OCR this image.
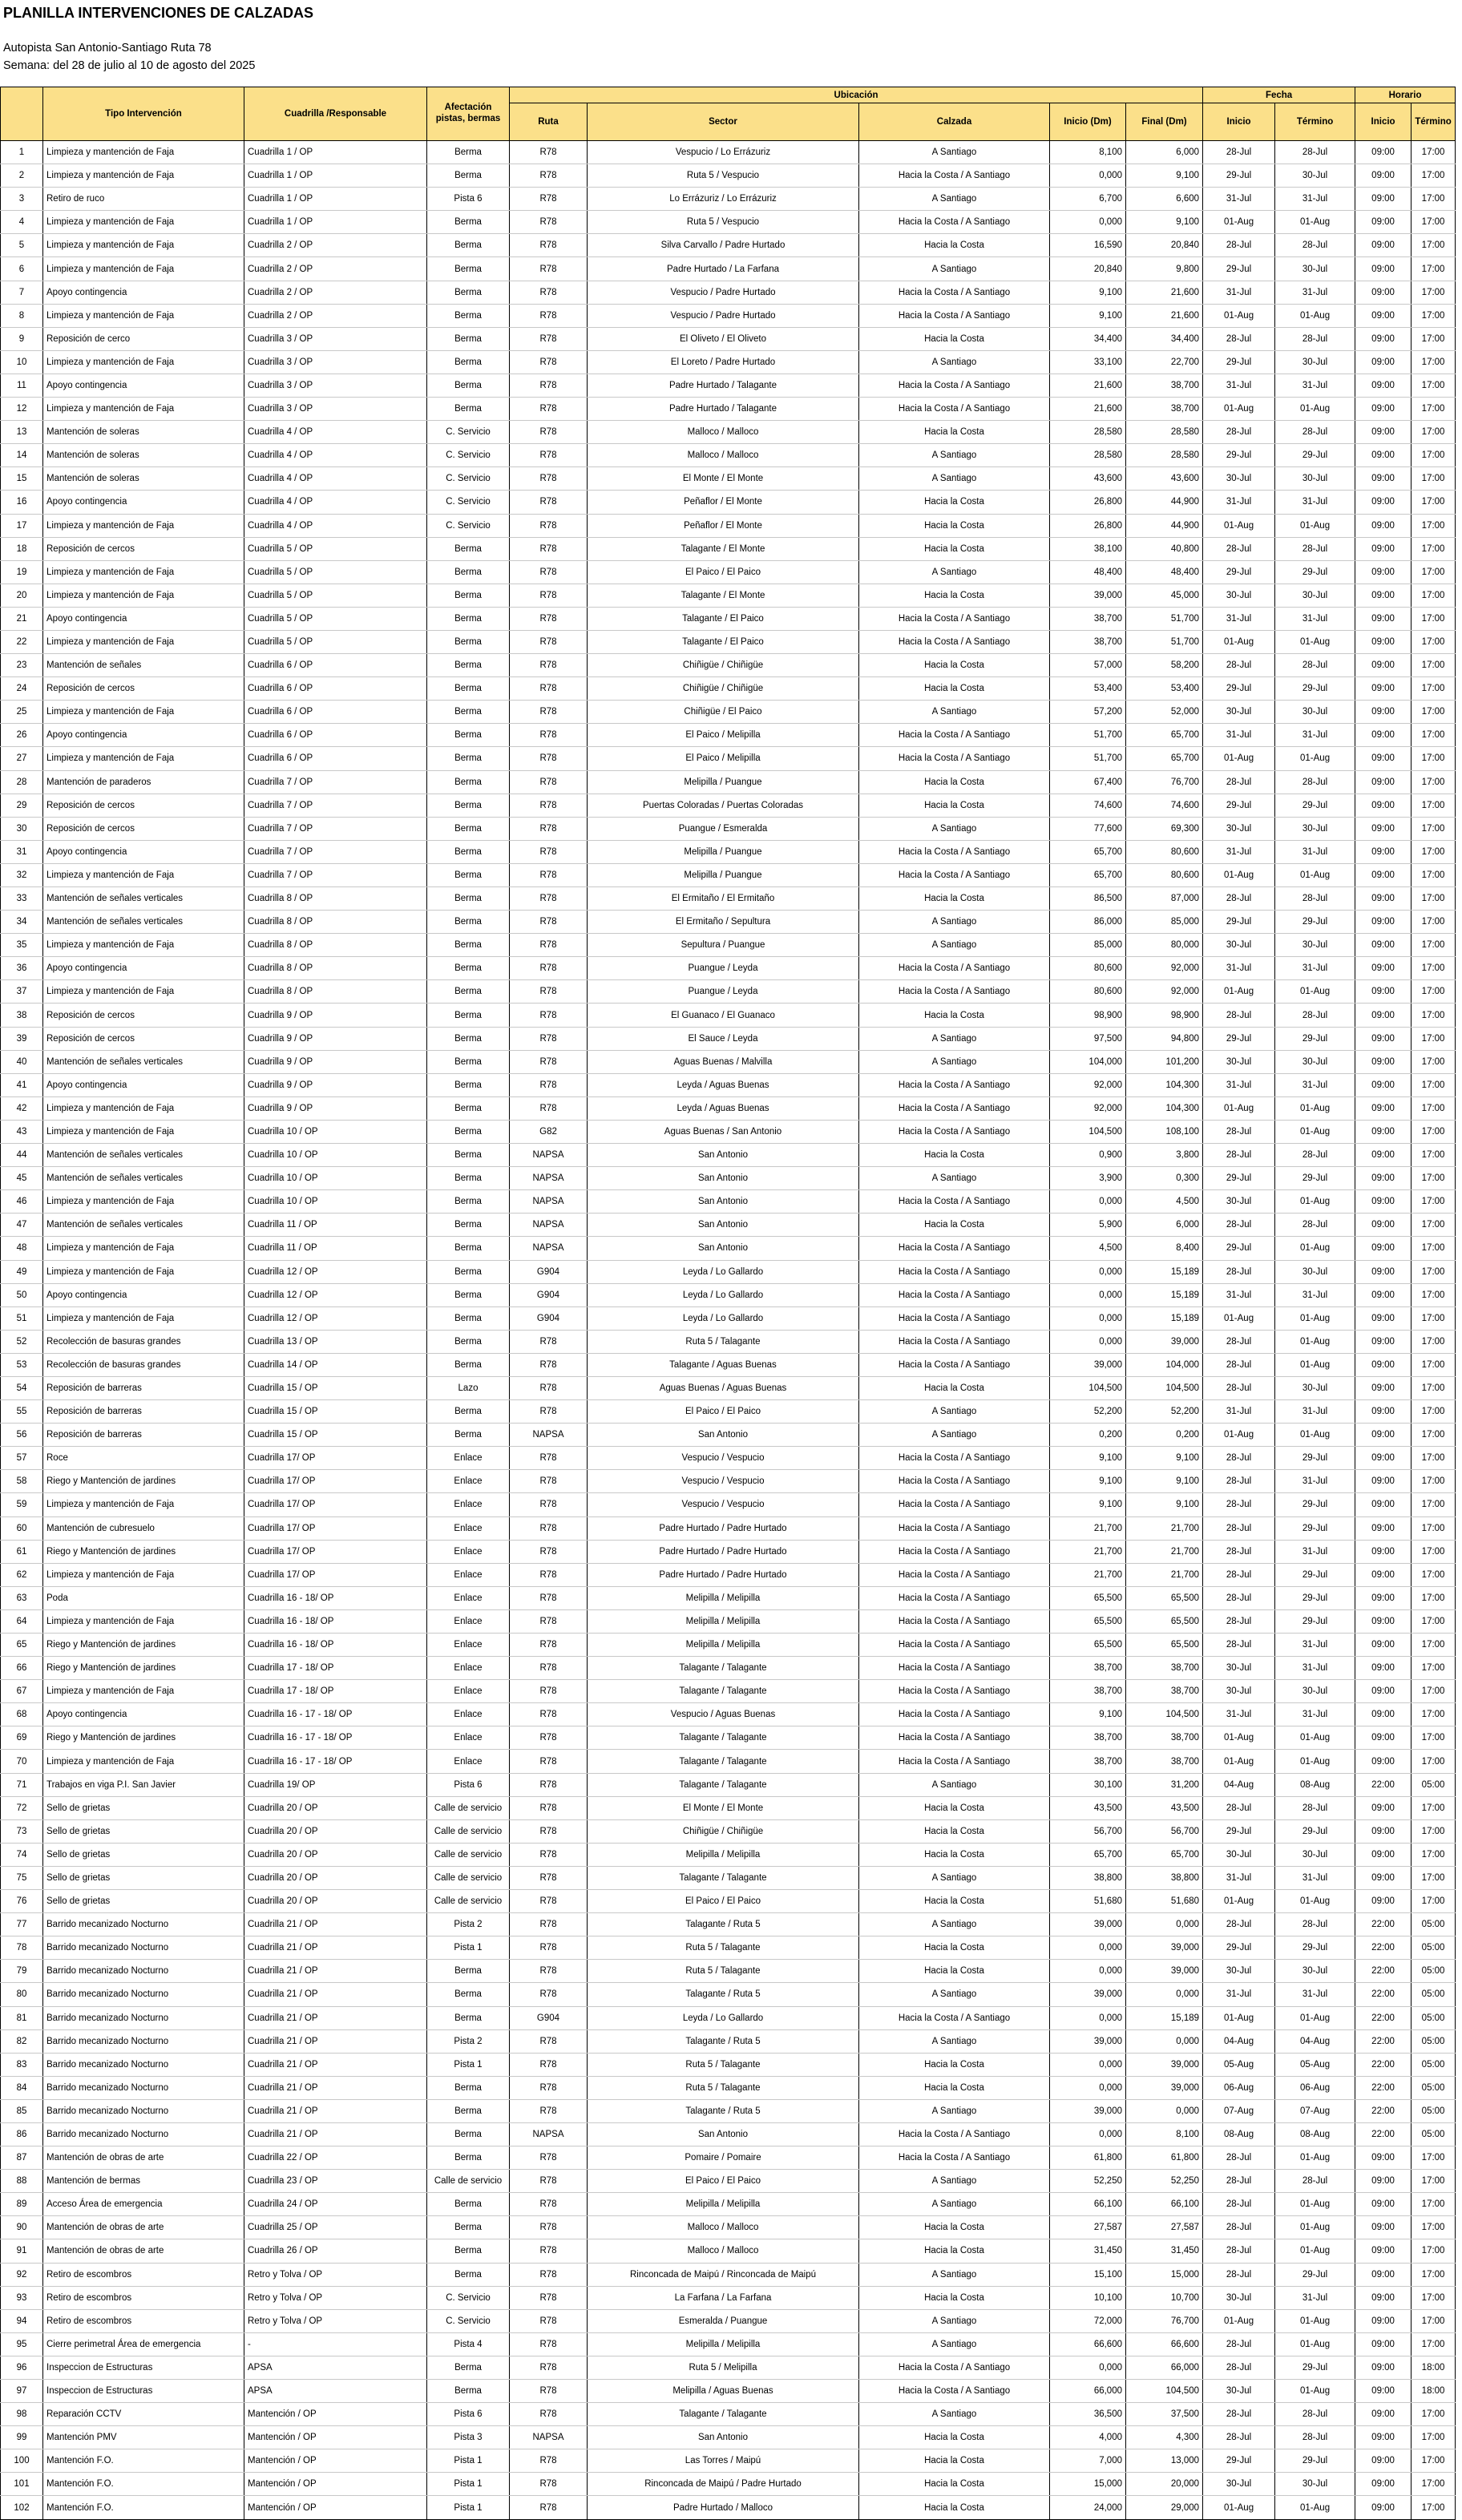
PLANILLA INTERVENCIONES DE CALZADAS
Autopista San Antonio-Santiago Ruta 78
Semana: del 28 de julio al 10 de agosto del 2025
	Tipo Intervención	Cuadrilla /Responsable	Afectación pistas, bermas	Ubicación					Fecha		Horario	
				Ruta	Sector	Calzada	Inicio (Dm)	Final (Dm)	Inicio	Término	Inicio	Término
1	Limpieza y mantención de Faja	Cuadrilla 1 / OP	Berma	R78	Vespucio / Lo Errázuriz	A Santiago	8,100	6,000	28-Jul	28-Jul	09:00	17:00
2	Limpieza y mantención de Faja	Cuadrilla 1 / OP	Berma	R78	Ruta 5 / Vespucio	Hacia la Costa / A Santiago	0,000	9,100	29-Jul	30-Jul	09:00	17:00
3	Retiro de ruco	Cuadrilla 1 / OP	Pista 6	R78	Lo Errázuriz / Lo Errázuriz	A Santiago	6,700	6,600	31-Jul	31-Jul	09:00	17:00
4	Limpieza y mantención de Faja	Cuadrilla 1 / OP	Berma	R78	Ruta 5 / Vespucio	Hacia la Costa / A Santiago	0,000	9,100	01-Aug	01-Aug	09:00	17:00
5	Limpieza y mantención de Faja	Cuadrilla 2 / OP	Berma	R78	Silva Carvallo / Padre Hurtado	Hacia la Costa	16,590	20,840	28-Jul	28-Jul	09:00	17:00
6	Limpieza y mantención de Faja	Cuadrilla 2 / OP	Berma	R78	Padre Hurtado / La Farfana	A Santiago	20,840	9,800	29-Jul	30-Jul	09:00	17:00
7	Apoyo contingencia	Cuadrilla 2 / OP	Berma	R78	Vespucio / Padre Hurtado	Hacia la Costa / A Santiago	9,100	21,600	31-Jul	31-Jul	09:00	17:00
8	Limpieza y mantención de Faja	Cuadrilla 2 / OP	Berma	R78	Vespucio / Padre Hurtado	Hacia la Costa / A Santiago	9,100	21,600	01-Aug	01-Aug	09:00	17:00
9	Reposición de cerco	Cuadrilla 3 / OP	Berma	R78	El Oliveto / El Oliveto	Hacia la Costa	34,400	34,400	28-Jul	28-Jul	09:00	17:00
10	Limpieza y mantención de Faja	Cuadrilla 3 / OP	Berma	R78	El Loreto / Padre Hurtado	A Santiago	33,100	22,700	29-Jul	30-Jul	09:00	17:00
11	Apoyo contingencia	Cuadrilla 3 / OP	Berma	R78	Padre Hurtado / Talagante	Hacia la Costa / A Santiago	21,600	38,700	31-Jul	31-Jul	09:00	17:00
12	Limpieza y mantención de Faja	Cuadrilla 3 / OP	Berma	R78	Padre Hurtado / Talagante	Hacia la Costa / A Santiago	21,600	38,700	01-Aug	01-Aug	09:00	17:00
13	Mantención de soleras	Cuadrilla 4 / OP	C. Servicio	R78	Malloco / Malloco	Hacia la Costa	28,580	28,580	28-Jul	28-Jul	09:00	17:00
14	Mantención de soleras	Cuadrilla 4 / OP	C. Servicio	R78	Malloco / Malloco	A Santiago	28,580	28,580	29-Jul	29-Jul	09:00	17:00
15	Mantención de soleras	Cuadrilla 4 / OP	C. Servicio	R78	El Monte / El Monte	A Santiago	43,600	43,600	30-Jul	30-Jul	09:00	17:00
16	Apoyo contingencia	Cuadrilla 4 / OP	C. Servicio	R78	Peñaflor / El Monte	Hacia la Costa	26,800	44,900	31-Jul	31-Jul	09:00	17:00
17	Limpieza y mantención de Faja	Cuadrilla 4 / OP	C. Servicio	R78	Peñaflor / El Monte	Hacia la Costa	26,800	44,900	01-Aug	01-Aug	09:00	17:00
18	Reposición de cercos	Cuadrilla 5 / OP	Berma	R78	Talagante / El Monte	Hacia la Costa	38,100	40,800	28-Jul	28-Jul	09:00	17:00
19	Limpieza y mantención de Faja	Cuadrilla 5 / OP	Berma	R78	El Paico / El Paico	A Santiago	48,400	48,400	29-Jul	29-Jul	09:00	17:00
20	Limpieza y mantención de Faja	Cuadrilla 5 / OP	Berma	R78	Talagante / El Monte	Hacia la Costa	39,000	45,000	30-Jul	30-Jul	09:00	17:00
21	Apoyo contingencia	Cuadrilla 5 / OP	Berma	R78	Talagante / El Paico	Hacia la Costa / A Santiago	38,700	51,700	31-Jul	31-Jul	09:00	17:00
22	Limpieza y mantención de Faja	Cuadrilla 5 / OP	Berma	R78	Talagante / El Paico	Hacia la Costa / A Santiago	38,700	51,700	01-Aug	01-Aug	09:00	17:00
23	Mantención de señales	Cuadrilla 6 / OP	Berma	R78	Chiñigüe / Chiñigüe	Hacia la Costa	57,000	58,200	28-Jul	28-Jul	09:00	17:00
24	Reposición de cercos	Cuadrilla 6 / OP	Berma	R78	Chiñigüe / Chiñigüe	Hacia la Costa	53,400	53,400	29-Jul	29-Jul	09:00	17:00
25	Limpieza y mantención de Faja	Cuadrilla 6 / OP	Berma	R78	Chiñigüe / El Paico	A Santiago	57,200	52,000	30-Jul	30-Jul	09:00	17:00
26	Apoyo contingencia	Cuadrilla 6 / OP	Berma	R78	El Paico / Melipilla	Hacia la Costa / A Santiago	51,700	65,700	31-Jul	31-Jul	09:00	17:00
27	Limpieza y mantención de Faja	Cuadrilla 6 / OP	Berma	R78	El Paico / Melipilla	Hacia la Costa / A Santiago	51,700	65,700	01-Aug	01-Aug	09:00	17:00
28	Mantención de paraderos	Cuadrilla 7 / OP	Berma	R78	Melipilla / Puangue	Hacia la Costa	67,400	76,700	28-Jul	28-Jul	09:00	17:00
29	Reposición de cercos	Cuadrilla 7 / OP	Berma	R78	Puertas Coloradas / Puertas Coloradas	Hacia la Costa	74,600	74,600	29-Jul	29-Jul	09:00	17:00
30	Reposición de cercos	Cuadrilla 7 / OP	Berma	R78	Puangue / Esmeralda	A Santiago	77,600	69,300	30-Jul	30-Jul	09:00	17:00
31	Apoyo contingencia	Cuadrilla 7 / OP	Berma	R78	Melipilla / Puangue	Hacia la Costa / A Santiago	65,700	80,600	31-Jul	31-Jul	09:00	17:00
32	Limpieza y mantención de Faja	Cuadrilla 7 / OP	Berma	R78	Melipilla / Puangue	Hacia la Costa / A Santiago	65,700	80,600	01-Aug	01-Aug	09:00	17:00
33	Mantención de señales verticales	Cuadrilla 8 / OP	Berma	R78	El Ermitaño / El Ermitaño	Hacia la Costa	86,500	87,000	28-Jul	28-Jul	09:00	17:00
34	Mantención de señales verticales	Cuadrilla 8 / OP	Berma	R78	El Ermitaño / Sepultura	A Santiago	86,000	85,000	29-Jul	29-Jul	09:00	17:00
35	Limpieza y mantención de Faja	Cuadrilla 8 / OP	Berma	R78	Sepultura / Puangue	A Santiago	85,000	80,000	30-Jul	30-Jul	09:00	17:00
36	Apoyo contingencia	Cuadrilla 8 / OP	Berma	R78	Puangue / Leyda	Hacia la Costa / A Santiago	80,600	92,000	31-Jul	31-Jul	09:00	17:00
37	Limpieza y mantención de Faja	Cuadrilla 8 / OP	Berma	R78	Puangue / Leyda	Hacia la Costa / A Santiago	80,600	92,000	01-Aug	01-Aug	09:00	17:00
38	Reposición de cercos	Cuadrilla 9 / OP	Berma	R78	El Guanaco / El Guanaco	Hacia la Costa	98,900	98,900	28-Jul	28-Jul	09:00	17:00
39	Reposición de cercos	Cuadrilla 9 / OP	Berma	R78	El Sauce / Leyda	A Santiago	97,500	94,800	29-Jul	29-Jul	09:00	17:00
40	Mantención de señales verticales	Cuadrilla 9 / OP	Berma	R78	Aguas Buenas / Malvilla	A Santiago	104,000	101,200	30-Jul	30-Jul	09:00	17:00
41	Apoyo contingencia	Cuadrilla 9 / OP	Berma	R78	Leyda / Aguas Buenas	Hacia la Costa / A Santiago	92,000	104,300	31-Jul	31-Jul	09:00	17:00
42	Limpieza y mantención de Faja	Cuadrilla 9 / OP	Berma	R78	Leyda / Aguas Buenas	Hacia la Costa / A Santiago	92,000	104,300	01-Aug	01-Aug	09:00	17:00
43	Limpieza y mantención de Faja	Cuadrilla 10 / OP	Berma	G82	Aguas Buenas / San Antonio	Hacia la Costa / A Santiago	104,500	108,100	28-Jul	01-Aug	09:00	17:00
44	Mantención de señales verticales	Cuadrilla 10 / OP	Berma	NAPSA	San Antonio	Hacia la Costa	0,900	3,800	28-Jul	28-Jul	09:00	17:00
45	Mantención de señales verticales	Cuadrilla 10 / OP	Berma	NAPSA	San Antonio	A Santiago	3,900	0,300	29-Jul	29-Jul	09:00	17:00
46	Limpieza y mantención de Faja	Cuadrilla 10 / OP	Berma	NAPSA	San Antonio	Hacia la Costa / A Santiago	0,000	4,500	30-Jul	01-Aug	09:00	17:00
47	Mantención de señales verticales	Cuadrilla 11 / OP	Berma	NAPSA	San Antonio	Hacia la Costa	5,900	6,000	28-Jul	28-Jul	09:00	17:00
48	Limpieza y mantención de Faja	Cuadrilla 11 / OP	Berma	NAPSA	San Antonio	Hacia la Costa / A Santiago	4,500	8,400	29-Jul	01-Aug	09:00	17:00
49	Limpieza y mantención de Faja	Cuadrilla 12 / OP	Berma	G904	Leyda / Lo Gallardo	Hacia la Costa / A Santiago	0,000	15,189	28-Jul	30-Jul	09:00	17:00
50	Apoyo contingencia	Cuadrilla 12 / OP	Berma	G904	Leyda / Lo Gallardo	Hacia la Costa / A Santiago	0,000	15,189	31-Jul	31-Jul	09:00	17:00
51	Limpieza y mantención de Faja	Cuadrilla 12 / OP	Berma	G904	Leyda / Lo Gallardo	Hacia la Costa / A Santiago	0,000	15,189	01-Aug	01-Aug	09:00	17:00
52	Recolección de basuras grandes	Cuadrilla 13 / OP	Berma	R78	Ruta 5 / Talagante	Hacia la Costa / A Santiago	0,000	39,000	28-Jul	01-Aug	09:00	17:00
53	Recolección de basuras grandes	Cuadrilla 14 / OP	Berma	R78	Talagante / Aguas Buenas	Hacia la Costa / A Santiago	39,000	104,000	28-Jul	01-Aug	09:00	17:00
54	Reposición de barreras	Cuadrilla 15 / OP	Lazo	R78	Aguas Buenas / Aguas Buenas	Hacia la Costa	104,500	104,500	28-Jul	30-Jul	09:00	17:00
55	Reposición de barreras	Cuadrilla 15 / OP	Berma	R78	El Paico / El Paico	A Santiago	52,200	52,200	31-Jul	31-Jul	09:00	17:00
56	Reposición de barreras	Cuadrilla 15 / OP	Berma	NAPSA	San Antonio	A Santiago	0,200	0,200	01-Aug	01-Aug	09:00	17:00
57	Roce	Cuadrilla 17/ OP	Enlace	R78	Vespucio / Vespucio	Hacia la Costa / A Santiago	9,100	9,100	28-Jul	29-Jul	09:00	17:00
58	Riego y Mantención de jardines	Cuadrilla 17/ OP	Enlace	R78	Vespucio / Vespucio	Hacia la Costa / A Santiago	9,100	9,100	28-Jul	31-Jul	09:00	17:00
59	Limpieza y mantención de Faja	Cuadrilla 17/ OP	Enlace	R78	Vespucio / Vespucio	Hacia la Costa / A Santiago	9,100	9,100	28-Jul	29-Jul	09:00	17:00
60	Mantención de cubresuelo	Cuadrilla 17/ OP	Enlace	R78	Padre Hurtado / Padre Hurtado	Hacia la Costa / A Santiago	21,700	21,700	28-Jul	29-Jul	09:00	17:00
61	Riego y Mantención de jardines	Cuadrilla 17/ OP	Enlace	R78	Padre Hurtado / Padre Hurtado	Hacia la Costa / A Santiago	21,700	21,700	28-Jul	31-Jul	09:00	17:00
62	Limpieza y mantención de Faja	Cuadrilla 17/ OP	Enlace	R78	Padre Hurtado / Padre Hurtado	Hacia la Costa / A Santiago	21,700	21,700	28-Jul	29-Jul	09:00	17:00
63	Poda	Cuadrilla 16 - 18/ OP	Enlace	R78	Melipilla / Melipilla	Hacia la Costa / A Santiago	65,500	65,500	28-Jul	29-Jul	09:00	17:00
64	Limpieza y mantención de Faja	Cuadrilla 16 - 18/ OP	Enlace	R78	Melipilla / Melipilla	Hacia la Costa / A Santiago	65,500	65,500	28-Jul	29-Jul	09:00	17:00
65	Riego y Mantención de jardines	Cuadrilla 16 - 18/ OP	Enlace	R78	Melipilla / Melipilla	Hacia la Costa / A Santiago	65,500	65,500	28-Jul	31-Jul	09:00	17:00
66	Riego y Mantención de jardines	Cuadrilla 17 - 18/ OP	Enlace	R78	Talagante / Talagante	Hacia la Costa / A Santiago	38,700	38,700	30-Jul	31-Jul	09:00	17:00
67	Limpieza y mantención de Faja	Cuadrilla 17 - 18/ OP	Enlace	R78	Talagante / Talagante	Hacia la Costa / A Santiago	38,700	38,700	30-Jul	30-Jul	09:00	17:00
68	Apoyo contingencia	Cuadrilla 16 - 17 - 18/ OP	Enlace	R78	Vespucio / Aguas Buenas	Hacia la Costa / A Santiago	9,100	104,500	31-Jul	31-Jul	09:00	17:00
69	Riego y Mantención de jardines	Cuadrilla 16 - 17 - 18/ OP	Enlace	R78	Talagante / Talagante	Hacia la Costa / A Santiago	38,700	38,700	01-Aug	01-Aug	09:00	17:00
70	Limpieza y mantención de Faja	Cuadrilla 16 - 17 - 18/ OP	Enlace	R78	Talagante / Talagante	Hacia la Costa / A Santiago	38,700	38,700	01-Aug	01-Aug	09:00	17:00
71	Trabajos en viga P.I. San Javier	Cuadrilla 19/ OP	Pista 6	R78	Talagante / Talagante	A Santiago	30,100	31,200	04-Aug	08-Aug	22:00	05:00
72	Sello de grietas	Cuadrilla 20 / OP	Calle de servicio	R78	El Monte / El Monte	Hacia la Costa	43,500	43,500	28-Jul	28-Jul	09:00	17:00
73	Sello de grietas	Cuadrilla 20 / OP	Calle de servicio	R78	Chiñigüe / Chiñigüe	Hacia la Costa	56,700	56,700	29-Jul	29-Jul	09:00	17:00
74	Sello de grietas	Cuadrilla 20 / OP	Calle de servicio	R78	Melipilla / Melipilla	Hacia la Costa	65,700	65,700	30-Jul	30-Jul	09:00	17:00
75	Sello de grietas	Cuadrilla 20 / OP	Calle de servicio	R78	Talagante / Talagante	A Santiago	38,800	38,800	31-Jul	31-Jul	09:00	17:00
76	Sello de grietas	Cuadrilla 20 / OP	Calle de servicio	R78	El Paico / El Paico	Hacia la Costa	51,680	51,680	01-Aug	01-Aug	09:00	17:00
77	Barrido mecanizado Nocturno	Cuadrilla 21 / OP	Pista 2	R78	Talagante / Ruta 5	A Santiago	39,000	0,000	28-Jul	28-Jul	22:00	05:00
78	Barrido mecanizado Nocturno	Cuadrilla 21 / OP	Pista 1	R78	Ruta 5 / Talagante	Hacia la Costa	0,000	39,000	29-Jul	29-Jul	22:00	05:00
79	Barrido mecanizado Nocturno	Cuadrilla 21 / OP	Berma	R78	Ruta 5 / Talagante	Hacia la Costa	0,000	39,000	30-Jul	30-Jul	22:00	05:00
80	Barrido mecanizado Nocturno	Cuadrilla 21 / OP	Berma	R78	Talagante / Ruta 5	A Santiago	39,000	0,000	31-Jul	31-Jul	22:00	05:00
81	Barrido mecanizado Nocturno	Cuadrilla 21 / OP	Berma	G904	Leyda / Lo Gallardo	Hacia la Costa / A Santiago	0,000	15,189	01-Aug	01-Aug	22:00	05:00
82	Barrido mecanizado Nocturno	Cuadrilla 21 / OP	Pista 2	R78	Talagante / Ruta 5	A Santiago	39,000	0,000	04-Aug	04-Aug	22:00	05:00
83	Barrido mecanizado Nocturno	Cuadrilla 21 / OP	Pista 1	R78	Ruta 5 / Talagante	Hacia la Costa	0,000	39,000	05-Aug	05-Aug	22:00	05:00
84	Barrido mecanizado Nocturno	Cuadrilla 21 / OP	Berma	R78	Ruta 5 / Talagante	Hacia la Costa	0,000	39,000	06-Aug	06-Aug	22:00	05:00
85	Barrido mecanizado Nocturno	Cuadrilla 21 / OP	Berma	R78	Talagante / Ruta 5	A Santiago	39,000	0,000	07-Aug	07-Aug	22:00	05:00
86	Barrido mecanizado Nocturno	Cuadrilla 21 / OP	Berma	NAPSA	San Antonio	Hacia la Costa / A Santiago	0,000	8,100	08-Aug	08-Aug	22:00	05:00
87	Mantención de obras de arte	Cuadrilla 22 / OP	Berma	R78	Pomaire / Pomaire	Hacia la Costa / A Santiago	61,800	61,800	28-Jul	01-Aug	09:00	17:00
88	Mantención de bermas	Cuadrilla 23 / OP	Calle de servicio	R78	El Paico / El Paico	A Santiago	52,250	52,250	28-Jul	28-Jul	09:00	17:00
89	Acceso Área de emergencia	Cuadrilla 24 / OP	Berma	R78	Melipilla / Melipilla	A Santiago	66,100	66,100	28-Jul	01-Aug	09:00	17:00
90	Mantención de obras de arte	Cuadrilla 25 / OP	Berma	R78	Malloco / Malloco	Hacia la Costa	27,587	27,587	28-Jul	01-Aug	09:00	17:00
91	Mantención de obras de arte	Cuadrilla 26 / OP	Berma	R78	Malloco / Malloco	Hacia la Costa	31,450	31,450	28-Jul	01-Aug	09:00	17:00
92	Retiro de escombros	Retro y Tolva / OP	Berma	R78	Rinconcada de Maipú / Rinconcada de Maipú	A Santiago	15,100	15,000	28-Jul	29-Jul	09:00	17:00
93	Retiro de escombros	Retro y Tolva / OP	C. Servicio	R78	La Farfana / La Farfana	Hacia la Costa	10,100	10,700	30-Jul	31-Jul	09:00	17:00
94	Retiro de escombros	Retro y Tolva / OP	C. Servicio	R78	Esmeralda / Puangue	A Santiago	72,000	76,700	01-Aug	01-Aug	09:00	17:00
95	Cierre perimetral Área de emergencia	-	Pista 4	R78	Melipilla / Melipilla	A Santiago	66,600	66,600	28-Jul	01-Aug	09:00	17:00
96	Inspeccion de Estructuras	APSA	Berma	R78	Ruta 5 / Melipilla	Hacia la Costa / A Santiago	0,000	66,000	28-Jul	29-Jul	09:00	18:00
97	Inspeccion de Estructuras	APSA	Berma	R78	Melipilla / Aguas Buenas	Hacia la Costa / A Santiago	66,000	104,500	30-Jul	01-Aug	09:00	18:00
98	Reparación CCTV	Mantención / OP	Pista 6	R78	Talagante / Talagante	A Santiago	36,500	37,500	28-Jul	28-Jul	09:00	17:00
99	Mantención PMV	Mantención / OP	Pista 3	NAPSA	San Antonio	Hacia la Costa	4,000	4,300	28-Jul	28-Jul	09:00	17:00
100	Mantención F.O.	Mantención / OP	Pista 1	R78	Las Torres / Maipú	Hacia la Costa	7,000	13,000	29-Jul	29-Jul	09:00	17:00
101	Mantención F.O.	Mantención / OP	Pista 1	R78	Rinconcada de Maipú / Padre Hurtado	Hacia la Costa	15,000	20,000	30-Jul	30-Jul	09:00	17:00
102	Mantención F.O.	Mantención / OP	Pista 1	R78	Padre Hurtado / Malloco	Hacia la Costa	24,000	29,000	01-Aug	01-Aug	09:00	17:00
